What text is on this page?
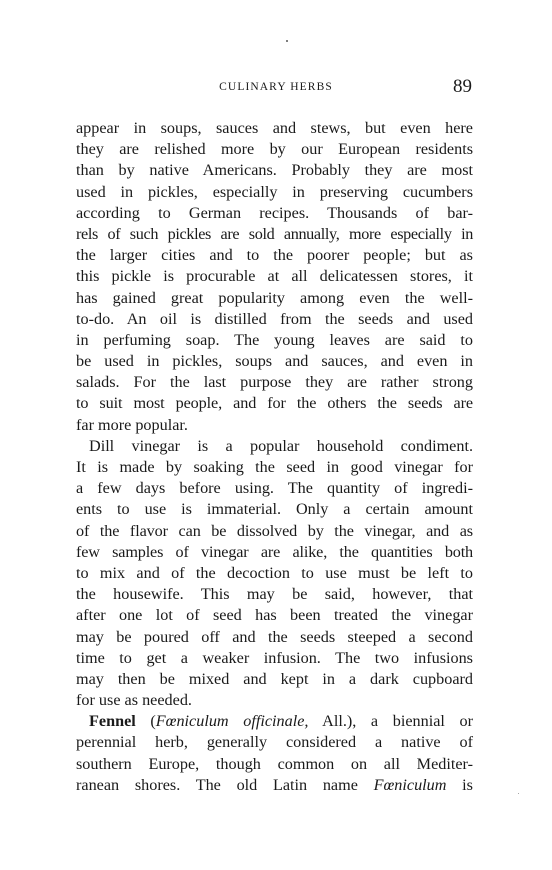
CULINARY HERBS	89
appear in soups, sauces and stews, but even here
they are relished more by our European residents
than by native Americans. Probably they are most
used in pickles, especially in preserving cucumbers
according to German recipes. Thousands of bar-
rels of such pickles are sold annually, more especially in
the larger cities and to the poorer people; but as
this pickle is procurable at all delicatessen stores, it
has gained great popularity among even the well-
to-do. An oil is distilled from the seeds and used
in perfuming soap. The young leaves are said to
be used in pickles, soups and sauces, and even in
salads. For the last purpose they are rather strong
to suit most people, and for the others the seeds are
far more popular.
Dill vinegar is a popular household condiment.
It is made by soaking the seed in good vinegar for
a few days before using. The quantity of ingredi-
ents to use is immaterial. Only a certain amount
of the flavor can be dissolved by the vinegar, and as
few samples of vinegar are alike, the quantities both
to mix and of the decoction to use must be left to
the housewife. This may be said, however, that
after one lot of seed has been treated the vinegar
may be poured off and the seeds steeped a second
time to get a weaker infusion. The two infusions
may then be mixed and kept in a dark cupboard
for use as needed.
Fennel (Fœniculum officinale, All.), a biennial or
perennial herb, generally considered a native of
southern Europe, though common on all Mediter-
ranean shores. The old Latin name Fœniculum is
